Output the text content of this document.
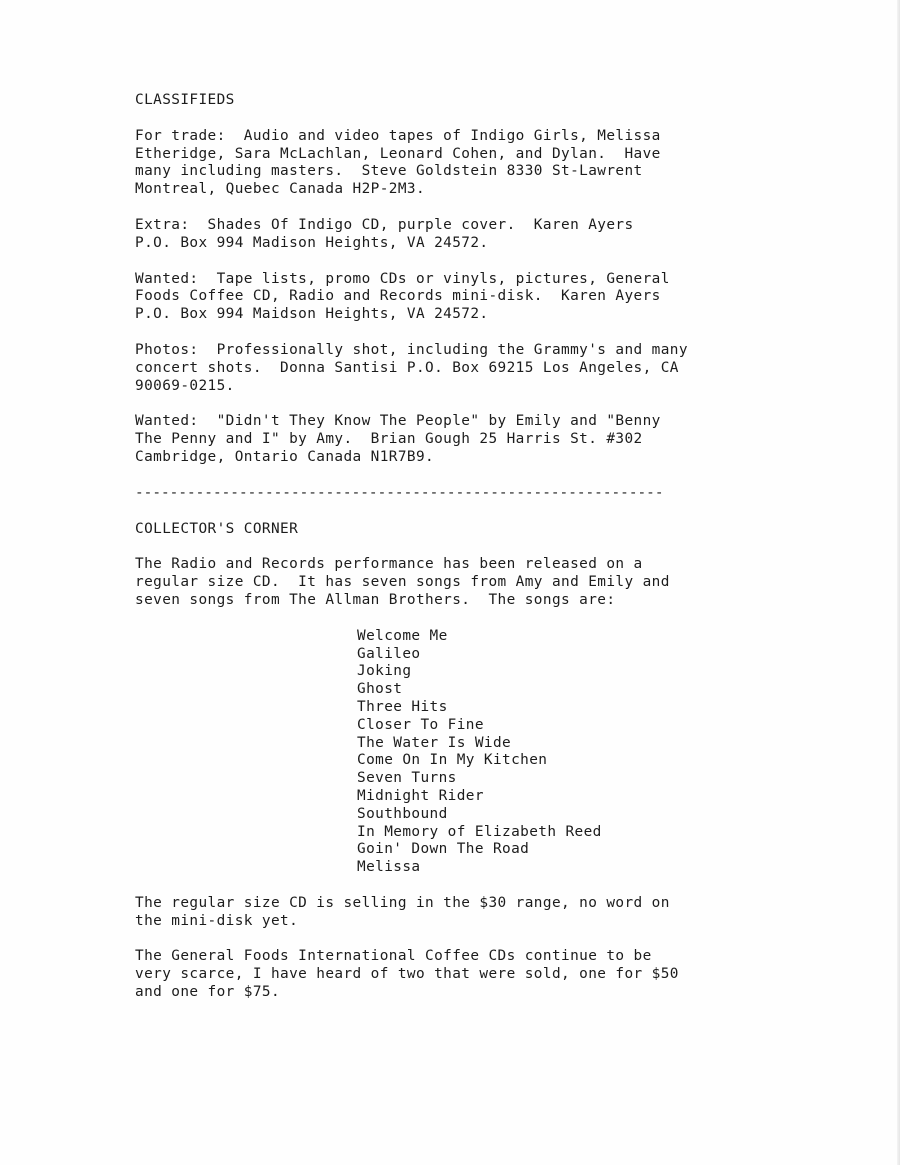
CLASSIFIEDS
For trade:  Audio and video tapes of Indigo Girls, Melissa
Etheridge, Sara McLachlan, Leonard Cohen, and Dylan.  Have
many including masters.  Steve Goldstein 8330 St-Lawrent
Montreal, Quebec Canada H2P-2M3.
Extra:  Shades Of Indigo CD, purple cover.  Karen Ayers
P.O. Box 994 Madison Heights, VA 24572.
Wanted:  Tape lists, promo CDs or vinyls, pictures, General
Foods Coffee CD, Radio and Records mini-disk.  Karen Ayers
P.O. Box 994 Maidson Heights, VA 24572.
Photos:  Professionally shot, including the Grammy's and many
concert shots.  Donna Santisi P.O. Box 69215 Los Angeles, CA
90069-0215.
Wanted:  "Didn't They Know The People" by Emily and "Benny
The Penny and I" by Amy.  Brian Gough 25 Harris St. #302
Cambridge, Ontario Canada N1R7B9.
-------------------------------------------------------------
COLLECTOR'S CORNER
The Radio and Records performance has been released on a
regular size CD.  It has seven songs from Amy and Emily and
seven songs from The Allman Brothers.  The songs are:
Welcome Me
Galileo
Joking
Ghost
Three Hits
Closer To Fine
The Water Is Wide
Come On In My Kitchen
Seven Turns
Midnight Rider
Southbound
In Memory of Elizabeth Reed
Goin' Down The Road
Melissa
The regular size CD is selling in the $30 range, no word on
the mini-disk yet.
The General Foods International Coffee CDs continue to be
very scarce, I have heard of two that were sold, one for $50
and one for $75.
